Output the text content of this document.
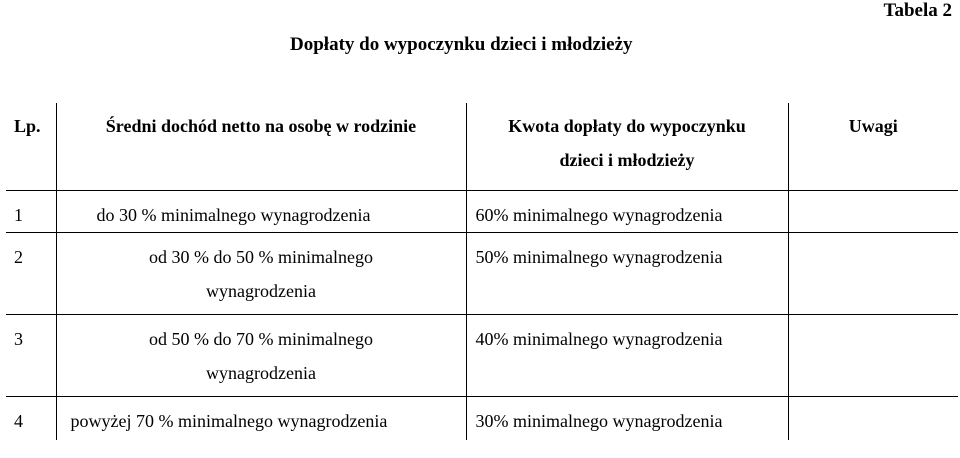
Tabela 2
Dopłaty do wypoczynku dzieci i młodzieży
Lp.	Średni dochód netto na osobę w rodzinie	Kwota dopłaty do wypoczynku dzieci i młodzieży	Uwagi

1	do 30 % minimalnego wynagrodzenia	60% minimalnego wynagrodzenia	

2	od 30 % do 50 % minimalnego wynagrodzenia	50% minimalnego wynagrodzenia	

3	od 50 % do 70 % minimalnego wynagrodzenia	40% minimalnego wynagrodzenia	

4	powyżej 70 % minimalnego wynagrodzenia	30% minimalnego wynagrodzenia	
